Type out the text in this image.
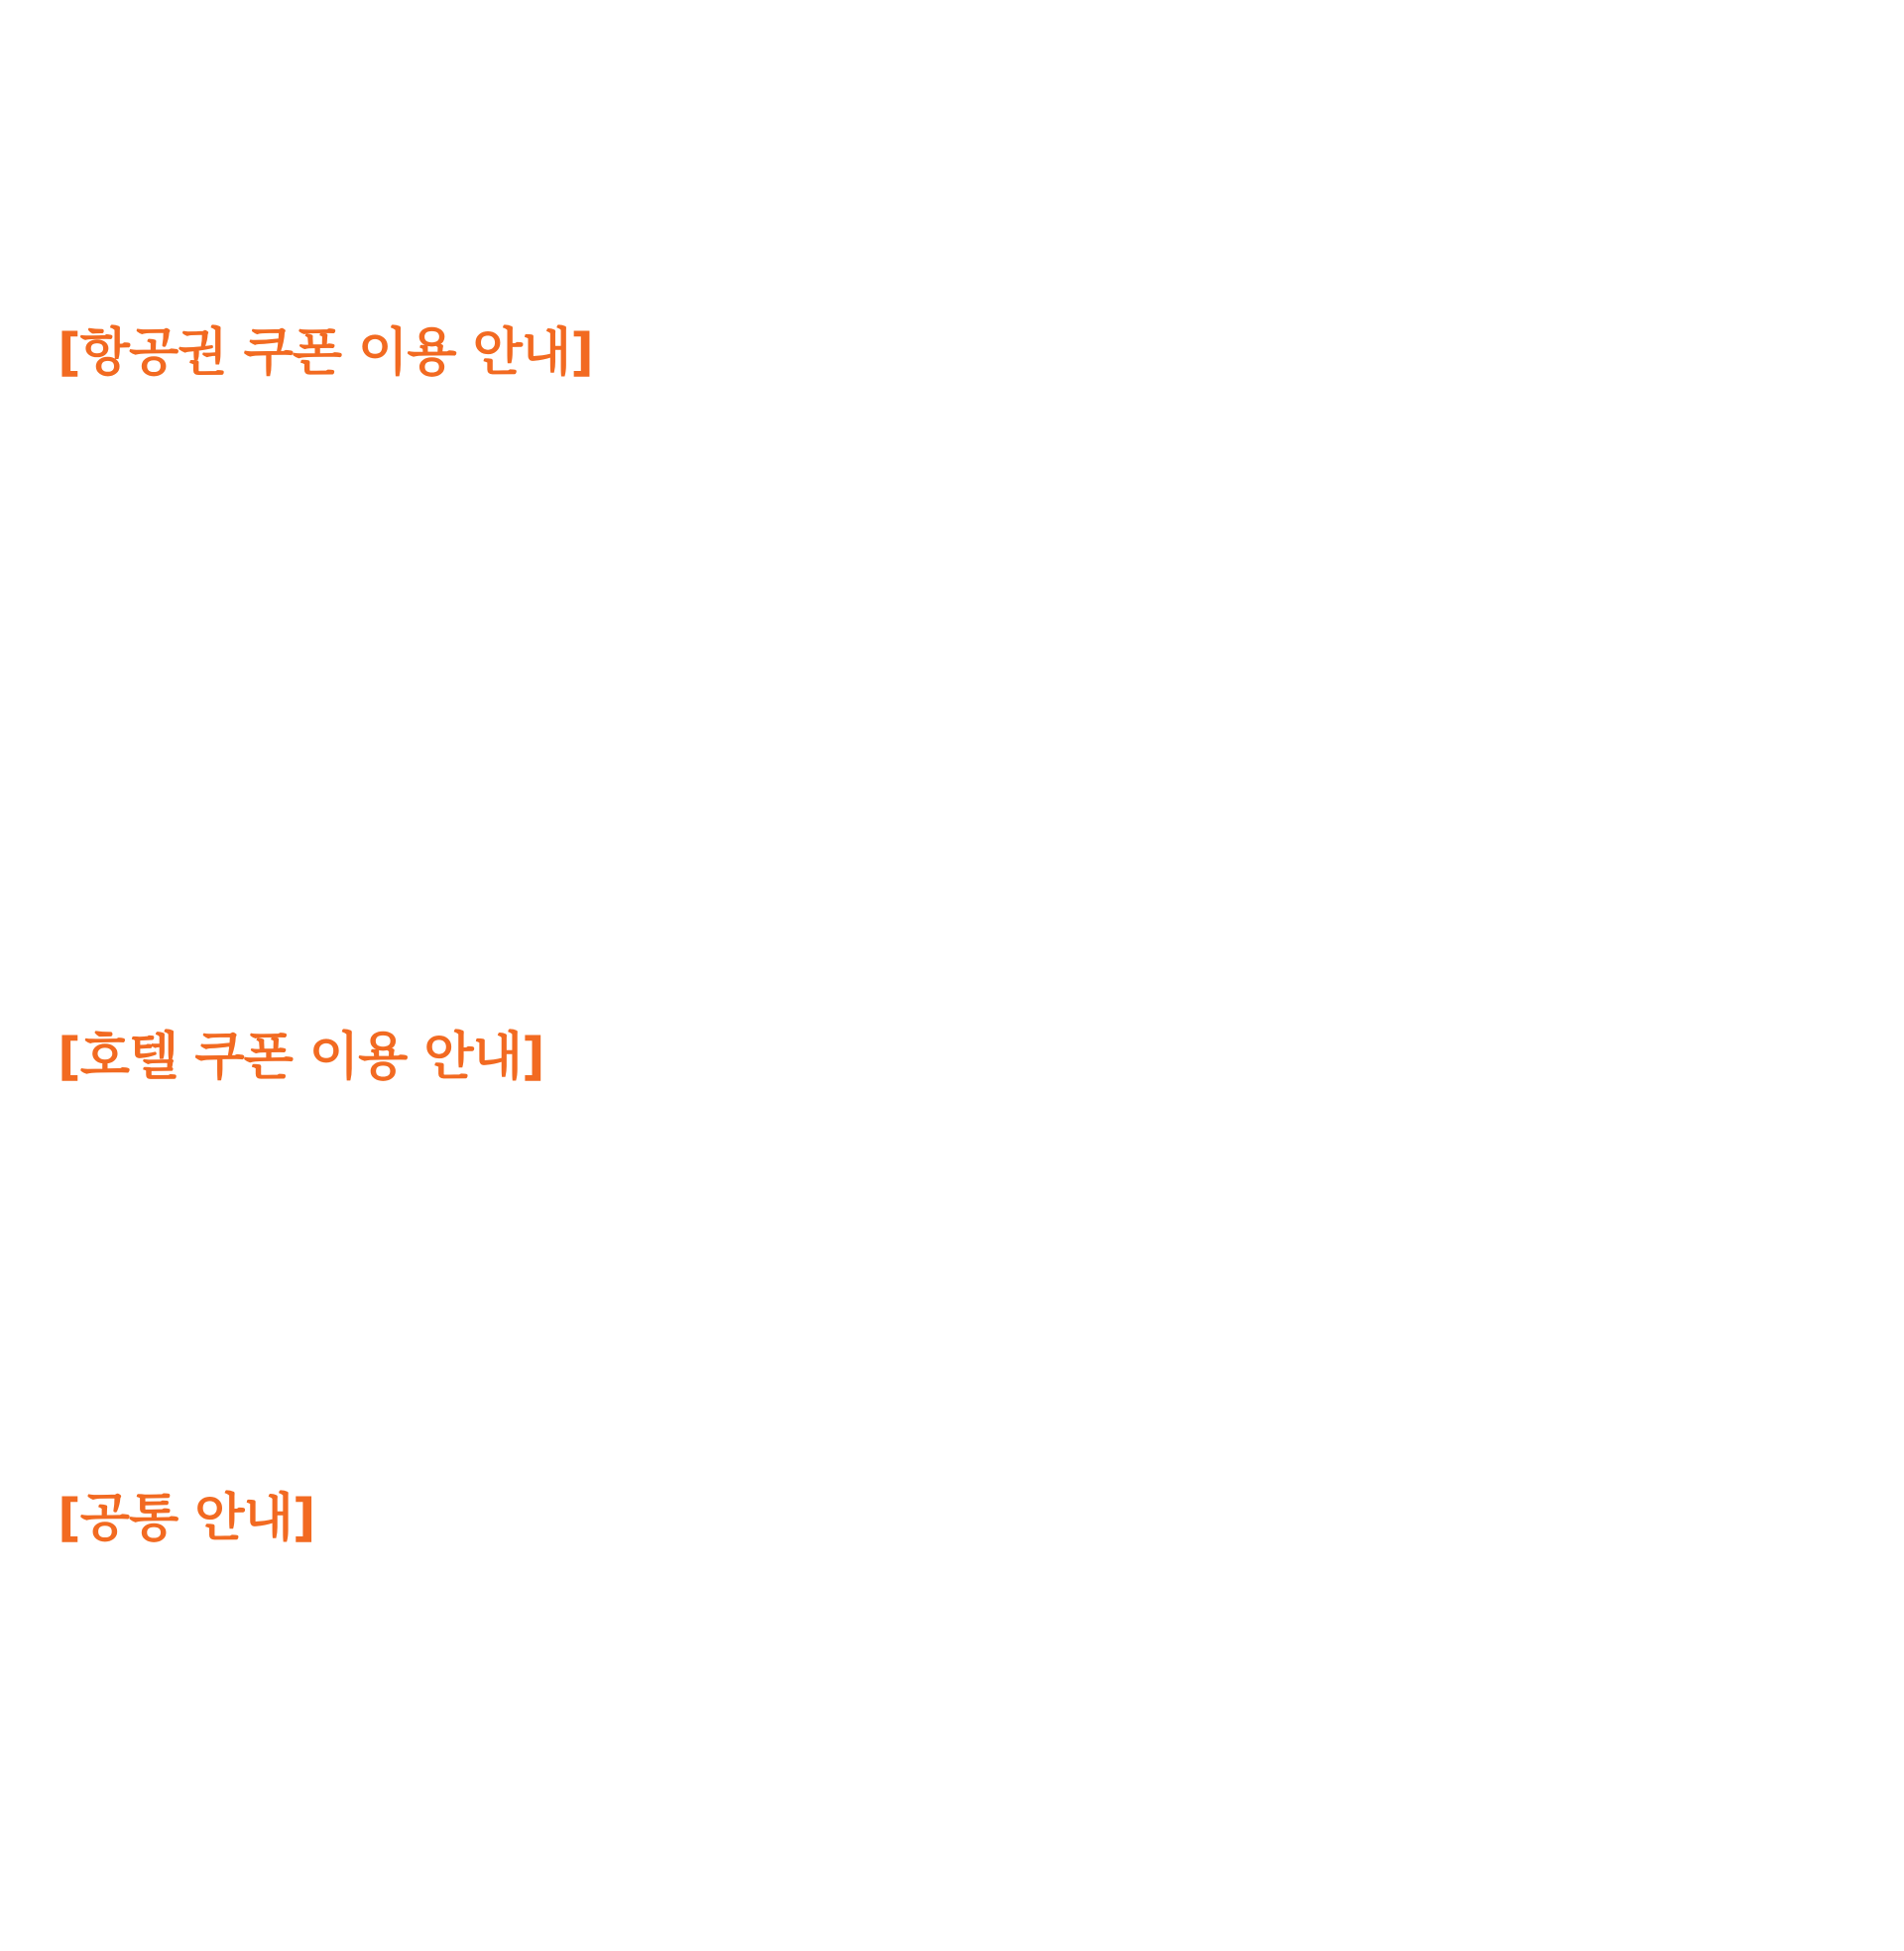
[항공권 쿠폰 이용 안내]
[호텔 쿠폰 이용 안내]
[공통 안내]
